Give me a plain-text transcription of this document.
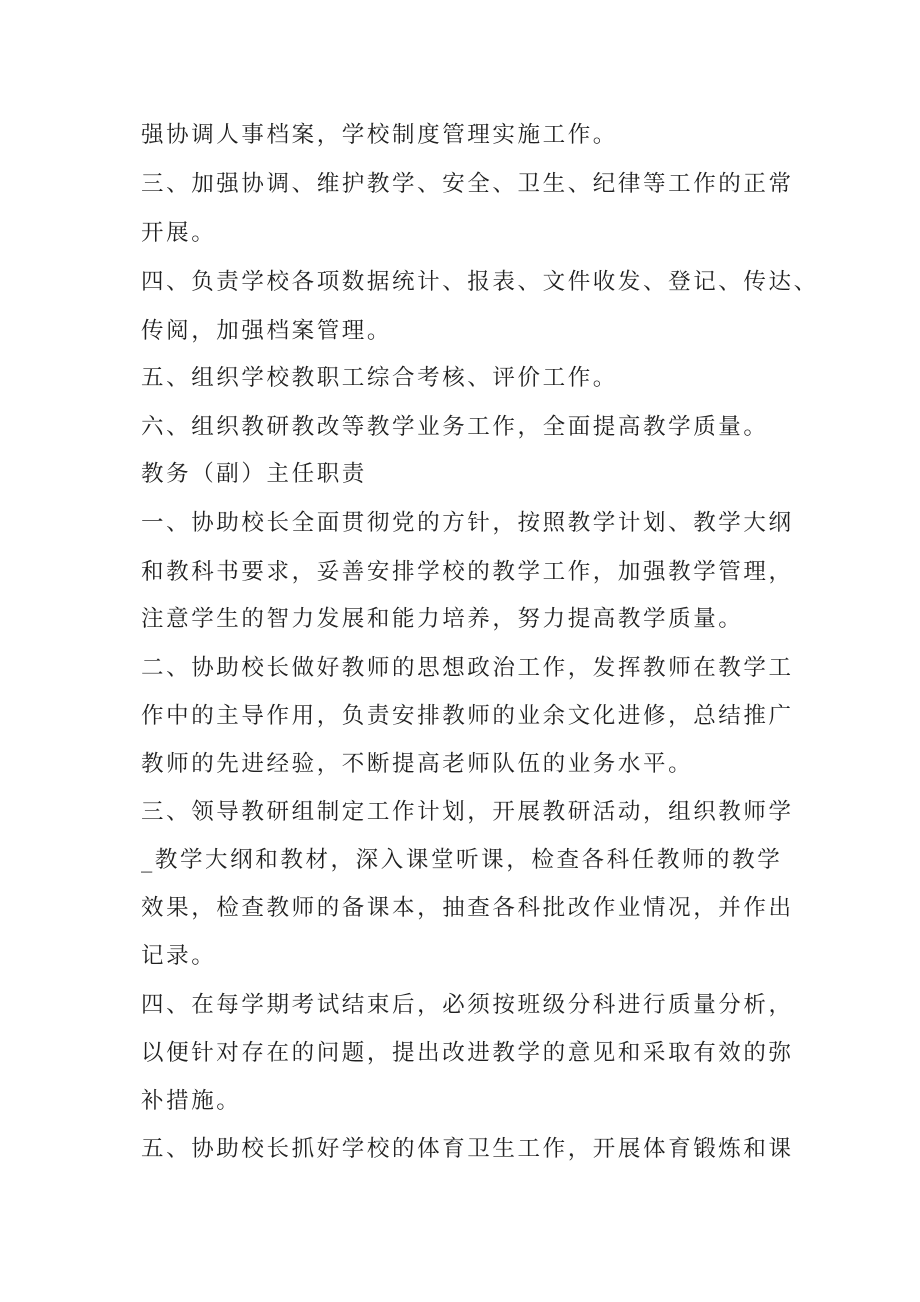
强协调人事档案，学校制度管理实施工作。
三、加强协调、维护教学、安全、卫生、纪律等工作的正常
开展。
四、负责学校各项数据统计、报表、文件收发、登记、传达、
传阅，加强档案管理。
五、组织学校教职工综合考核、评价工作。
六、组织教研教改等教学业务工作，全面提高教学质量。
教务（副）主任职责
一、协助校长全面贯彻党的方针，按照教学计划、教学大纲
和教科书要求，妥善安排学校的教学工作，加强教学管理，
注意学生的智力发展和能力培养，努力提高教学质量。
二、协助校长做好教师的思想政治工作，发挥教师在教学工
作中的主导作用，负责安排教师的业余文化进修，总结推广
教师的先进经验，不断提高老师队伍的业务水平。
三、领导教研组制定工作计划，开展教研活动，组织教师学
_教学大纲和教材，深入课堂听课，检查各科任教师的教学
效果，检查教师的备课本，抽查各科批改作业情况，并作出
记录。
四、在每学期考试结束后，必须按班级分科进行质量分析，
以便针对存在的问题，提出改进教学的意见和采取有效的弥
补措施。
五、协助校长抓好学校的体育卫生工作，开展体育锻炼和课
